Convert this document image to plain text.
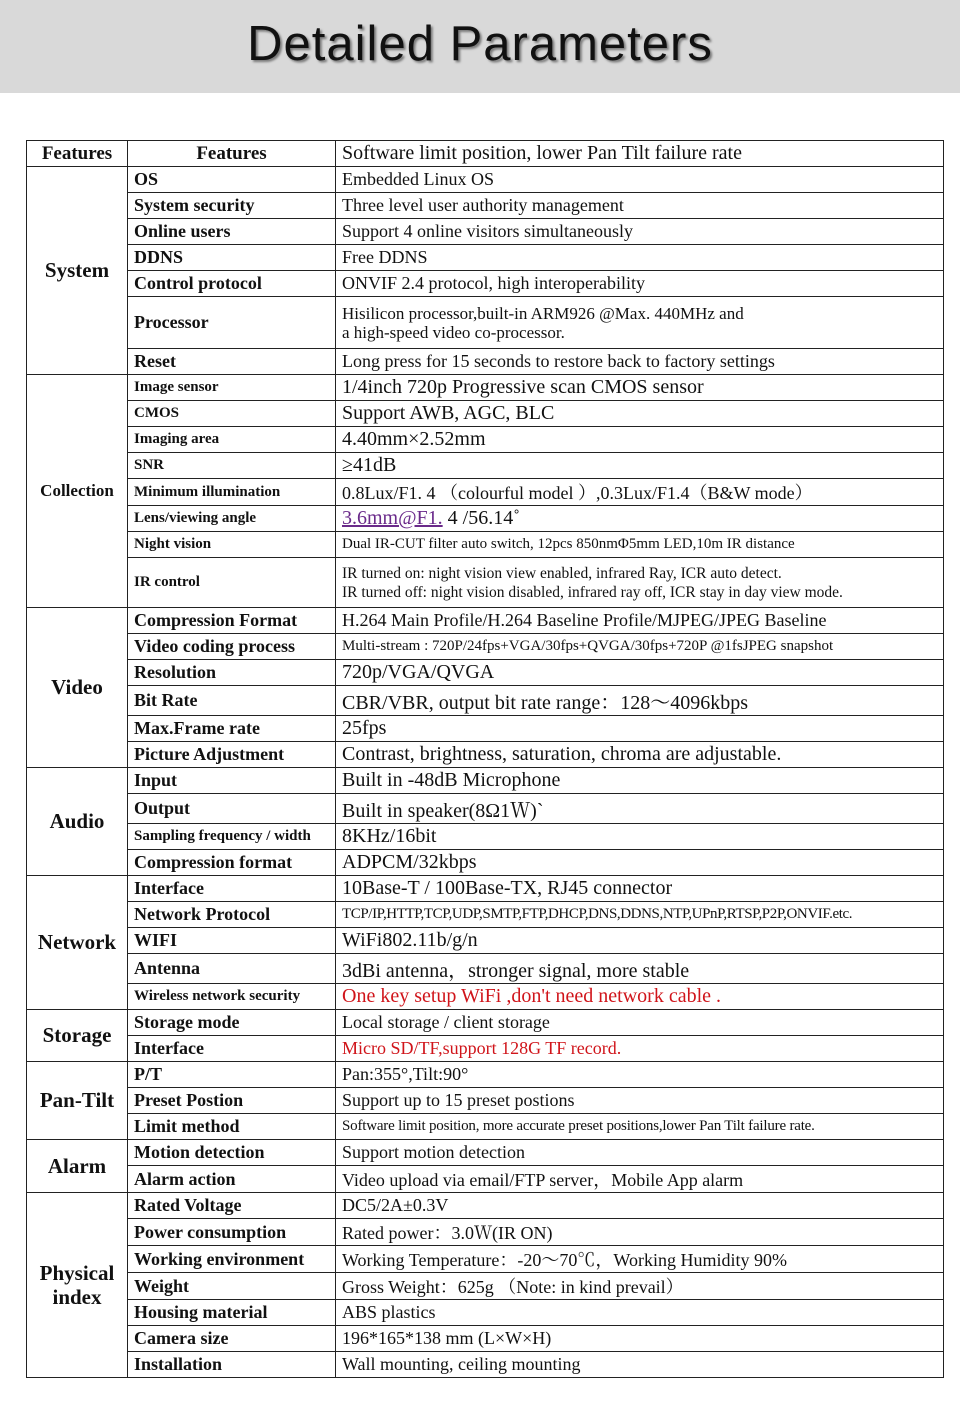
Detailed Parameters
Features	Features	Software limit position, lower Pan Tilt failure rate
System	OS	Embedded Linux OS
	System security	Three level user authority management
	Online users	Support 4 online visitors simultaneously
	DDNS	Free DDNS
	Control protocol	ONVIF 2.4 protocol, high interoperability
	Processor	Hisilicon processor,built-in ARM926 @Max. 440MHz and
a high-speed video co-processor.

	Reset	Long press for 15 seconds to restore back to factory settings
Collection	Image sensor	1/4inch 720p Progressive scan CMOS sensor
	CMOS	Support AWB, AGC, BLC
	Imaging area	4.40mm×2.52mm
	SNR	≥41dB
	Minimum illumination	0.8Lux/F1. 4 （colourful model ）,0.3Lux/F1.4（B&W mode）
	Lens/viewing angle	3.6mm@F1. 4 /56.14˚
	Night vision	Dual IR-CUT filter auto switch, 12pcs 850nmΦ5mm LED,10m IR distance
	IR control	IR turned on: night vision view enabled, infrared Ray, ICR auto detect.
IR turned off: night vision disabled, infrared ray off, ICR stay in day view mode.

Video	Compression Format	H.264 Main Profile/H.264 Baseline Profile/MJPEG/JPEG Baseline
	Video coding process	Multi-stream : 720P/24fps+VGA/30fps+QVGA/30fps+720P @1fsJPEG snapshot
	Resolution	720p/VGA/QVGA
	Bit Rate	CBR/VBR, output bit rate range：128～4096kbps
	Max.Frame rate	25fps
	Picture Adjustment	Contrast, brightness, saturation, chroma are adjustable.
Audio	Input	Built in -48dB Microphone
	Output	Built in speaker(8Ω1Ｗ)`
	Sampling frequency / width	8KHz/16bit
	Compression format	ADPCM/32kbps
Network	Interface	10Base-T / 100Base-TX, RJ45 connector
	Network Protocol	TCP/IP,HTTP,TCP,UDP,SMTP,FTP,DHCP,DNS,DDNS,NTP,UPnP,RTSP,P2P,ONVIF.etc.
	WIFI	WiFi802.11b/g/n
	Antenna	3dBi antenna，stronger signal, more stable
	Wireless network security	One key setup WiFi ,don't need network cable .
Storage	Storage mode	Local storage / client storage
	Interface	Micro SD/TF,support 128G TF record.
Pan-Tilt	P/T	Pan:355°,Tilt:90°
	Preset Postion	Support up to 15 preset postions
	Limit method	Software limit position, more accurate preset positions,lower Pan Tilt failure rate.
Alarm	Motion detection	Support motion detection
	Alarm action	Video upload via email/FTP server，Mobile App alarm

Physical
index	Rated Voltage	DC5/2A±0.3V
	Power consumption	Rated power：3.0Ｗ(IR ON)
	Working environment	Working Temperature：-20～70℃，Working Humidity 90%
	Weight	Gross Weight：625g （Note: in kind prevail）
	Housing material	ABS plastics
	Camera size	196*165*138 mm (L×W×H)
	Installation	Wall mounting, ceiling mounting
